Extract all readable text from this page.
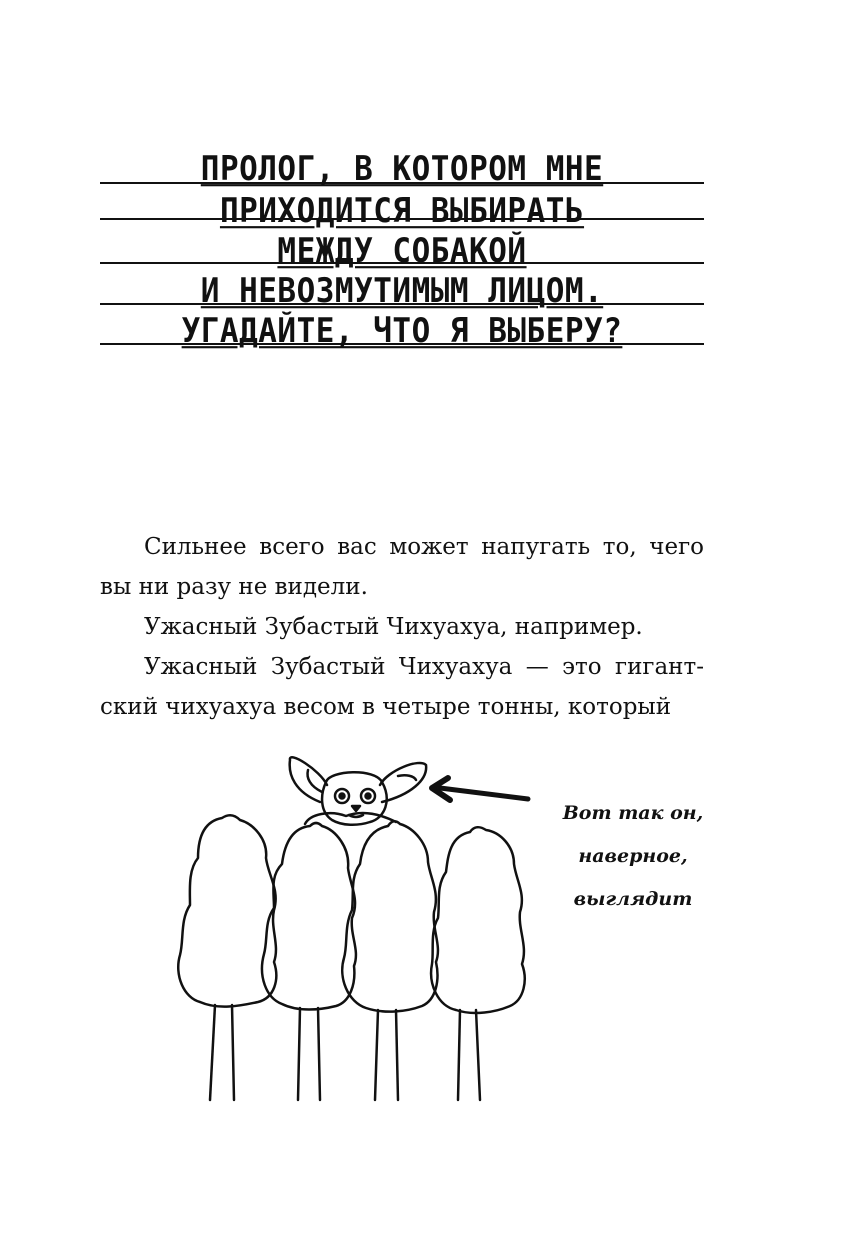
ПРОЛОГ, В КОТОРОМ МНЕ
ПРИХОДИТСЯ ВЫБИРАТЬ
МЕЖДУ СОБАКОЙ
И НЕВОЗМУТИМЫМ ЛИЦОМ.
УГАДАЙТЕ, ЧТО Я ВЫБЕРУ?

Сильнее всего вас может напугать то, чего вы ни разу не видели.

Ужасный Зубастый Чихуахуа, например.

Ужасный Зубастый Чихуахуа — это гигант-ский чихуахуа весом в четыре тонны, который

Вот так он,
наверное,
выглядит
